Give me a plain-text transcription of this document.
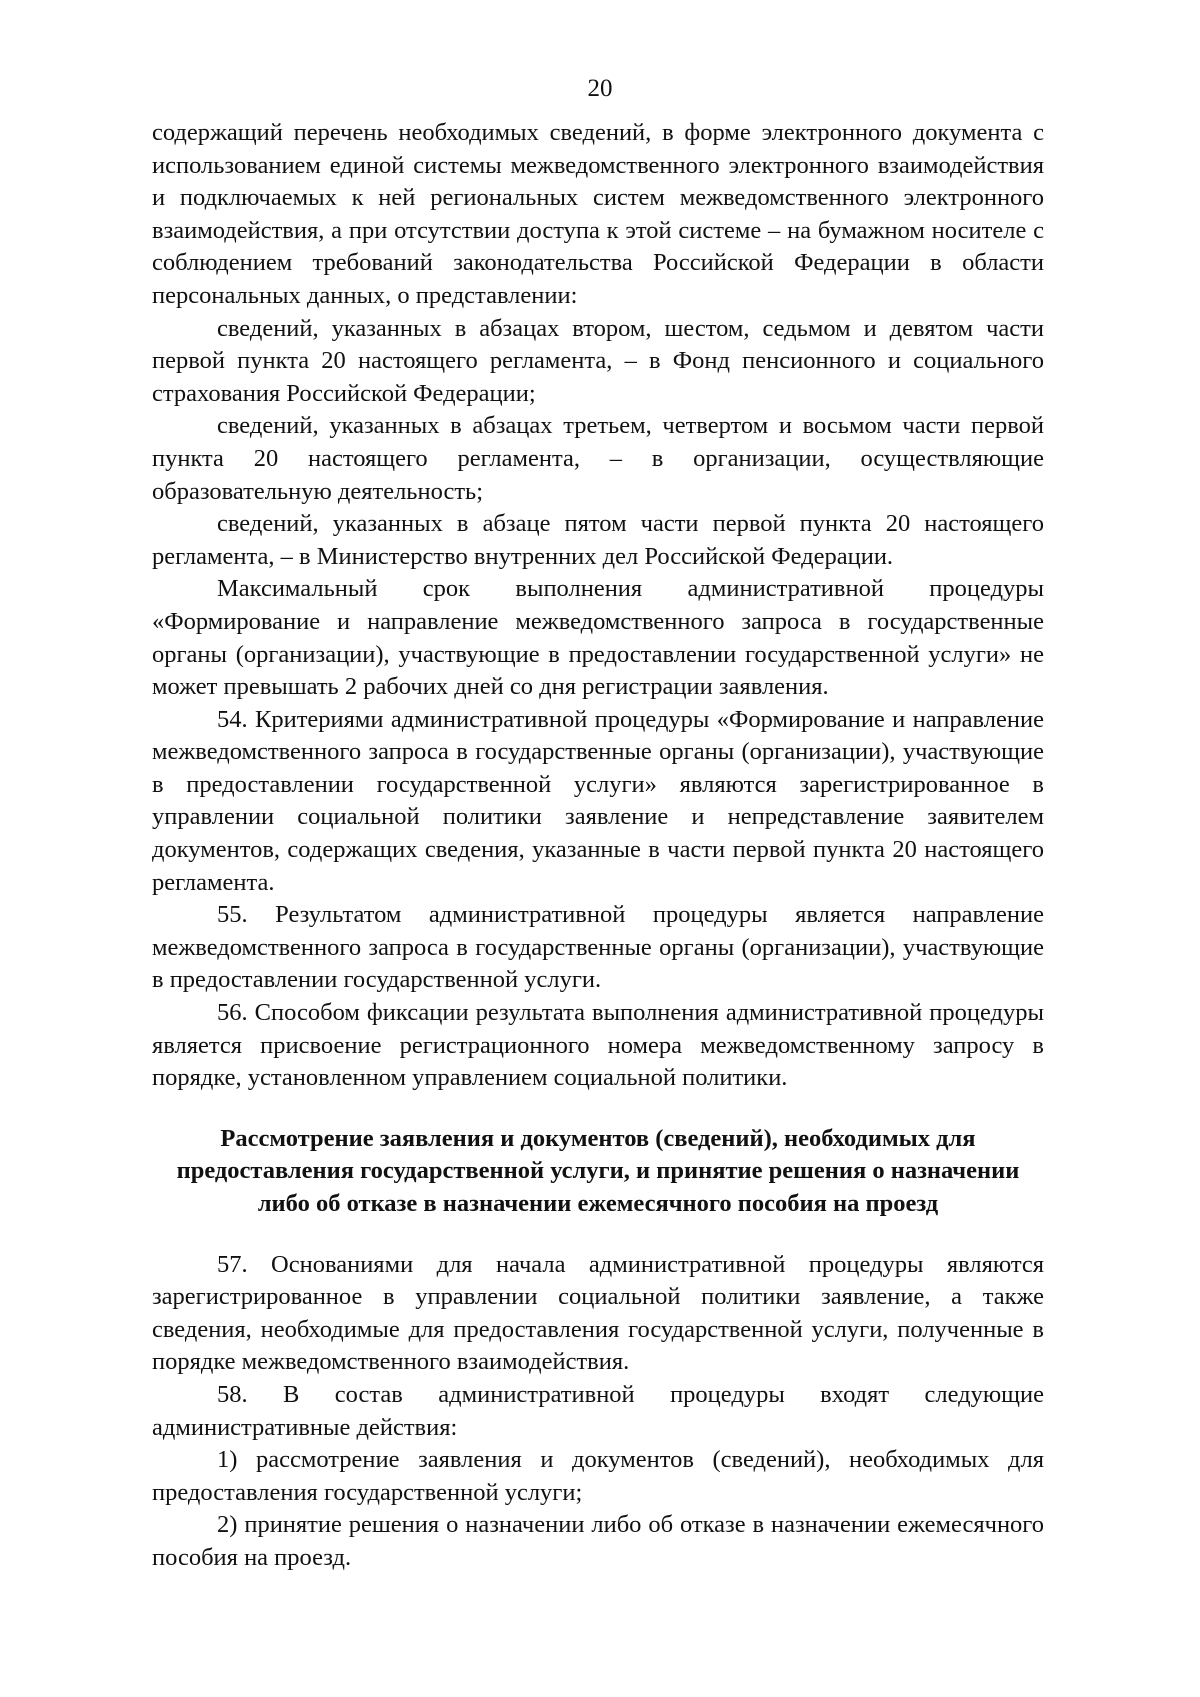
20

содержащий перечень необходимых сведений, в форме электронного документа с использованием единой системы межведомственного электронного взаимодействия и подключаемых к ней региональных систем межведомственного электронного взаимодействия, а при отсутствии доступа к этой системе – на бумажном носителе с соблюдением требований законодательства Российской Федерации в области персональных данных, о представлении:

сведений, указанных в абзацах втором, шестом, седьмом и девятом части первой пункта 20 настоящего регламента, – в Фонд пенсионного и социального страхования Российской Федерации;

сведений, указанных в абзацах третьем, четвертом и восьмом части первой пункта 20 настоящего регламента, – в организации, осуществляющие образовательную деятельность;

сведений, указанных в абзаце пятом части первой пункта 20 настоящего регламента, – в Министерство внутренних дел Российской Федерации.

Максимальный срок выполнения административной процедуры «Формирование и направление межведомственного запроса в государственные органы (организации), участвующие в предоставлении государственной услуги» не может превышать 2 рабочих дней со дня регистрации заявления.

54. Критериями административной процедуры «Формирование и направление межведомственного запроса в государственные органы (организации), участвующие в предоставлении государственной услуги» являются зарегистрированное в управлении социальной политики заявление и непредставление заявителем документов, содержащих сведения, указанные в части первой пункта 20 настоящего регламента.

55. Результатом административной процедуры является направление межведомственного запроса в государственные органы (организации), участвующие в предоставлении государственной услуги.

56. Способом фиксации результата выполнения административной процедуры является присвоение регистрационного номера межведомственному запросу в порядке, установленном управлением социальной политики.

Рассмотрение заявления и документов (сведений), необходимых для
предоставления государственной услуги, и принятие решения о назначении
либо об отказе в назначении ежемесячного пособия на проезд

57. Основаниями для начала административной процедуры являются зарегистрированное в управлении социальной политики заявление, а также сведения, необходимые для предоставления государственной услуги, полученные в порядке межведомственного взаимодействия.

58. В состав административной процедуры входят следующие административные действия:

1) рассмотрение заявления и документов (сведений), необходимых для предоставления государственной услуги;

2) принятие решения о назначении либо об отказе в назначении ежемесячного пособия на проезд.
